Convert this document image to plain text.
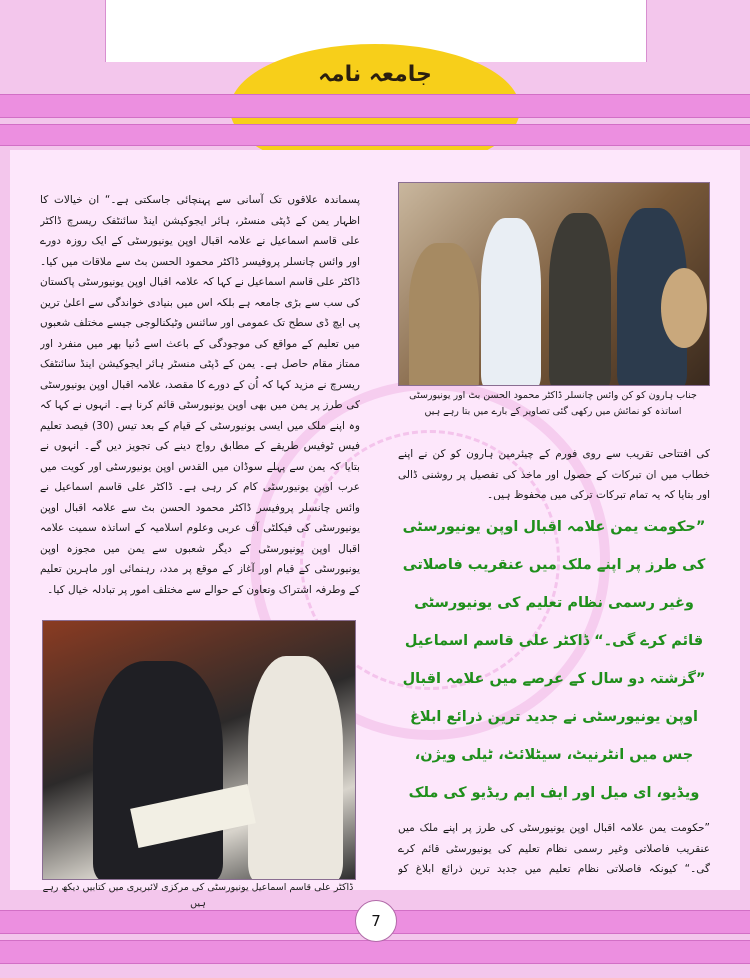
جامعہ نامہ

پسماندہ علاقوں تک آسانی سے پہنچائی جاسکتی ہے۔“ ان خیالات کا اظہار یمن کے ڈپٹی منسٹر، ہائر ایجوکیشن اینڈ سائنٹفک ریسرچ ڈاکٹر علی قاسم اسماعیل نے علامہ اقبال اوپن یونیورسٹی کے ایک روزہ دورے اور وائس چانسلر پروفیسر ڈاکٹر محمود الحسن بٹ سے ملاقات میں کیا۔ ڈاکٹر علی قاسم اسماعیل نے کہا کہ علامہ اقبال اوپن یونیورسٹی پاکستان کی سب سے بڑی جامعہ ہے بلکہ اس میں بنیادی خواندگی سے اعلیٰ ترین پی ایچ ڈی سطح تک عمومی اور سائنس وٹیکنالوجی جیسے مختلف شعبوں میں تعلیم کے مواقع کی موجودگی کے باعث اسے دُنیا بھر میں منفرد اور ممتاز مقام حاصل ہے۔ یمن کے ڈپٹی منسٹر ہائر ایجوکیشن اینڈ سائنٹفک ریسرچ نے مزید کہا کہ اُن کے دورے کا مقصد، علامہ اقبال اوپن یونیورسٹی کی طرز پر یمن میں بھی اوپن یونیورسٹی قائم کرنا ہے۔ انہوں نے کہا کہ وہ اپنے ملک میں ایسی یونیورسٹی کے قیام کے بعد تیس (30) فیصد تعلیم فیس ٹوفیس طریقے کے مطابق رواج دینے کی تجویز دیں گے۔ انہوں نے بتایا کہ یمن سے پہلے سوڈان میں القدس اوپن یونیورسٹی اور کویت میں عرب اوپن یونیورسٹی کام کر رہی ہے۔ ڈاکٹر علی قاسم اسماعیل نے وائس چانسلر پروفیسر ڈاکٹر محمود الحسن بٹ سے علامہ اقبال اوپن یونیورسٹی کی فیکلٹی آف عربی وعلوم اسلامیہ کے اساتذہ سمیت علامہ اقبال اوپن یونیورسٹی کے دیگر شعبوں سے یمن میں مجوزہ اوپن یونیورسٹی کے قیام اور آغاز کے موقع پر مدد، رہنمائی اور ماہرین تعلیم کے وطرفہ اشتراک وتعاون کے حوالے سے مختلف امور پر تبادلہ خیال کیا۔

ڈاکٹر علی قاسم اسماعیل یونیورسٹی کی مرکزی لائبریری میں کتابیں دیکھ رہے ہیں
جناب ہارون کو کن وائس چانسلر ڈاکٹر محمود الحسن بٹ اور یونیورسٹی اساتذہ کو نمائش میں رکھی گئی تصاویر کے بارے میں بتا رہے ہیں

کی افتتاحی تقریب سے روی فورم کے چیئرمین ہارون کو کن نے اپنے خطاب میں ان تبرکات کے حصول اور ماخذ کی تفصیل پر روشنی ڈالی اور بتایا کہ یہ تمام تبرکات ترکی میں محفوظ ہیں۔

”حکومت یمن علامہ اقبال اوپن یونیورسٹی کی طرز پر اپنے ملک میں عنقریب فاصلاتی وغیر رسمی نظام تعلیم کی یونیورسٹی قائم کرے گی۔“ ڈاکٹر علی قاسم اسماعیل ”گزشتہ دو سال کے عرصے میں علامہ اقبال اوپن یونیورسٹی نے جدید ترین ذرائع ابلاغ جس میں انٹرنیٹ، سیٹلائٹ، ٹیلی ویژن، ویڈیو، ای میل اور ایف ایم ریڈیو کی ملک

”حکومت یمن علامہ اقبال اوپن یونیورسٹی کی طرز پر اپنے ملک میں عنقریب فاصلاتی وغیر رسمی نظام تعلیم کی یونیورسٹی قائم کرے گی۔“ کیونکہ فاصلاتی نظام تعلیم میں جدید ترین ذرائع ابلاغ کو

7
